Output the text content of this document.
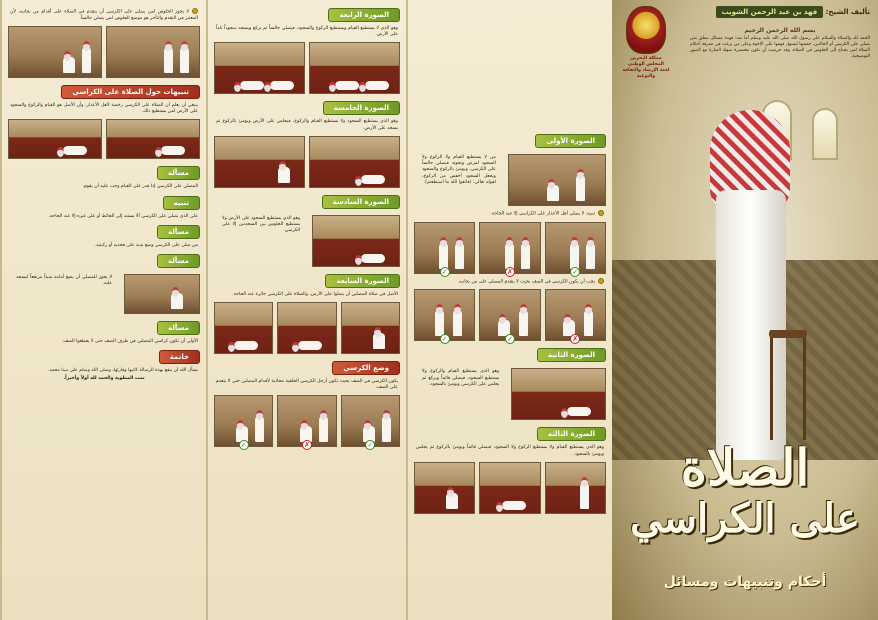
مملكة البحرين
المجلس الوطني
لجنة الإرشاد والثقافة والتوعية
تأليف الشيخ: فهد بن عبد الرحمن الشويب
بسم الله الرحمن الرحيم
الحمد لله والصلاة والسلام على رسول الله صلى الله عليه وسلم أما بعد: فهذه مسائل تتعلق بمن يصلي على الكرسي أو الجالس، جمعتها ليسهل فهمها على الإخوة وعلى من يرغب في معرفة أحكام الصلاة لمن يحتاج إلى الجلوس في الصلاة، وقد حرصت أن تكون مختصرة سهلة العبارة مع الصور التوضيحية.
الصلاة
على الكراسي
أحكام وتنبيهات ومسائل
الصورة الأولى
من لا يستطيع القيام ولا الركوع ولا السجود لمرض ونحوه، فيصلي جالساً على الكرسي، ويومئ بالركوع والسجود ويجعل السجود أخفض من الركوع، لقوله تعالى: (فاتقوا الله ما استطعتم).
تنبيه: لا يصلي أهل الأعذار على الكراسي إلا عند الحاجة.
✓
✗
✓
يجب أن يكون الكرسي في الصف بحيث لا يتقدم المصلي على من بجانبه.
✗
✓
✓
الصورة الثانية
وهو الذي يستطيع القيام والركوع ولا يستطيع السجود، فيصلي قائماً ويركع ثم يجلس على الكرسي ويومئ بالسجود.
الصورة الثالثة
وهو الذي يستطيع القيام ولا يستطيع الركوع ولا السجود، فيصلي قائماً ويومئ بالركوع ثم يجلس ويومئ بالسجود.
الصورة الرابعة
وهو الذي لا يستطيع القيام ويستطيع الركوع والسجود، فيصلي جالساً ثم يركع ويسجد سجوداً تاماً على الأرض.
الصورة الخامسة
وهو الذي يستطيع السجود ولا يستطيع القيام والركوع، فيجلس على الأرض ويومئ بالركوع ثم يسجد على الأرض.
الصورة السادسة
وهو الذي يستطيع السجود على الأرض ولا يستطيع الجلوس بين السجدتين إلا على الكرسي.
الصورة السابعة
الأصل في صلاة المصلين أن يصلوا على الأرض، والصلاة على الكرسي جائزة عند الحاجة.
وضع الكرسي
يكون الكرسي في الصف بحيث تكون أرجل الكرسي الخلفية محاذية لأقدام المصلين حتى لا يتقدم على الصف.
✓
✗
✓
لا يجوز الجلوس لمن يصلي على الكرسي أن يتقدم في الصلاة على أقدام من بجانبه، لأن المعتبر في التقدم والتأخر هو موضع الجلوس لمن يصلي جالساً.
تنبيهات حول الصلاة على الكراسي
ينبغي أن يعلم أن الصلاة على الكرسي رخصة لأهل الأعذار، وأن الأصل هو القيام والركوع والسجود على الأرض لمن يستطيع ذلك.
مسألة
المصلي على الكرسي إذا قدر على القيام وجب عليه أن يقوم.
تنبيه
على الذي يصلي على الكرسي ألا يستند إلى الحائط أو على غيره إلا عند الحاجة.
مسألة
من صلى على الكرسي وضع يديه على فخذيه أو ركبتيه.
مسألة
لا يجوز للمصلي أن يضع أمامه شيئاً مرتفعاً ليسجد عليه.
مسألة
الأولى أن تكون كراسي المصلين في طرف الصف حتى لا يقطعوا الصف.
خاتمة
نسأل الله أن ينفع بهذه الرسالة كاتبها وقارئها، وصلى الله وسلم على نبينا محمد.
تمت المطوية والحمد لله أولاً وأخيراً.
